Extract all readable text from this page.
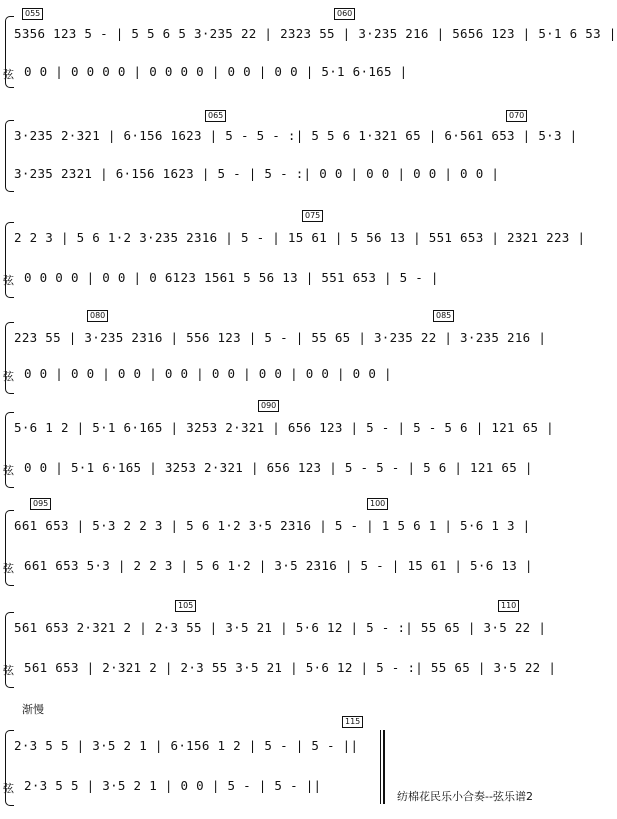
055	060
5356 123 5 - | 5 5 6 5 3·235 22 | 2323 55 | 3·235 216 | 5656 123 | 5·1 6 53 |
弦 0 0 | 0 0 0 0 | 0 0 0 0 | 0 0 | 0 0 | 5·1 6·165 |
065	070
3·235 2·321 | 6·156 1623 | 5 - 5 - :| 5 5 6 1·321 65 | 6·561 653 | 5·3 |
3·235 2321 | 6·156 1623 | 5 - | 5 - :| 0 0 | 0 0 | 0 0 | 0 0 |
075
2 2 3 | 5 6 1·2 3·235 2316 | 5 - | 15 61 | 5 56 13 | 551 653 | 2321 223 |
弦 0 0 0 0 | 0 0 | 0 6123 1561 5 56 13 | 551 653 | 5 - |
080	085
223 55 | 3·235 2316 | 556 123 | 5 - | 55 65 | 3·235 22 | 3·235 216 |
弦 0 0 | 0 0 | 0 0 | 0 0 | 0 0 | 0 0 | 0 0 | 0 0 |
090
5·6 1 2 | 5·1 6·165 | 3253 2·321 | 656 123 | 5 - | 5 - 5 6 | 121 65 |
弦 0 0 | 5·1 6·165 | 3253 2·321 | 656 123 | 5 - 5 - | 5 6 | 121 65 |
095	100
661 653 | 5·3 2 2 3 | 5 6 1·2 3·5 2316 | 5 - | 1 5 6 1 | 5·6 1 3 |
弦 661 653 5·3 | 2 2 3 | 5 6 1·2 | 3·5 2316 | 5 - | 15 61 | 5·6 13 |
105	110
561 653 2·321 2 | 2·3 55 | 3·5 21 | 5·6 12 | 5 - :| 55 65 | 3·5 22 |
弦 561 653 | 2·321 2 | 2·3 55 3·5 21 | 5·6 12 | 5 - :| 55 65 | 3·5 22 |
渐慢
115
2·3 5 5 | 3·5 2 1 | 6·156 1 2 | 5 - | 5 - ||
弦 2·3 5 5 | 3·5 2 1 | 0 0 | 5 - | 5 - ||
纺棉花民乐小合奏--弦乐谱2
